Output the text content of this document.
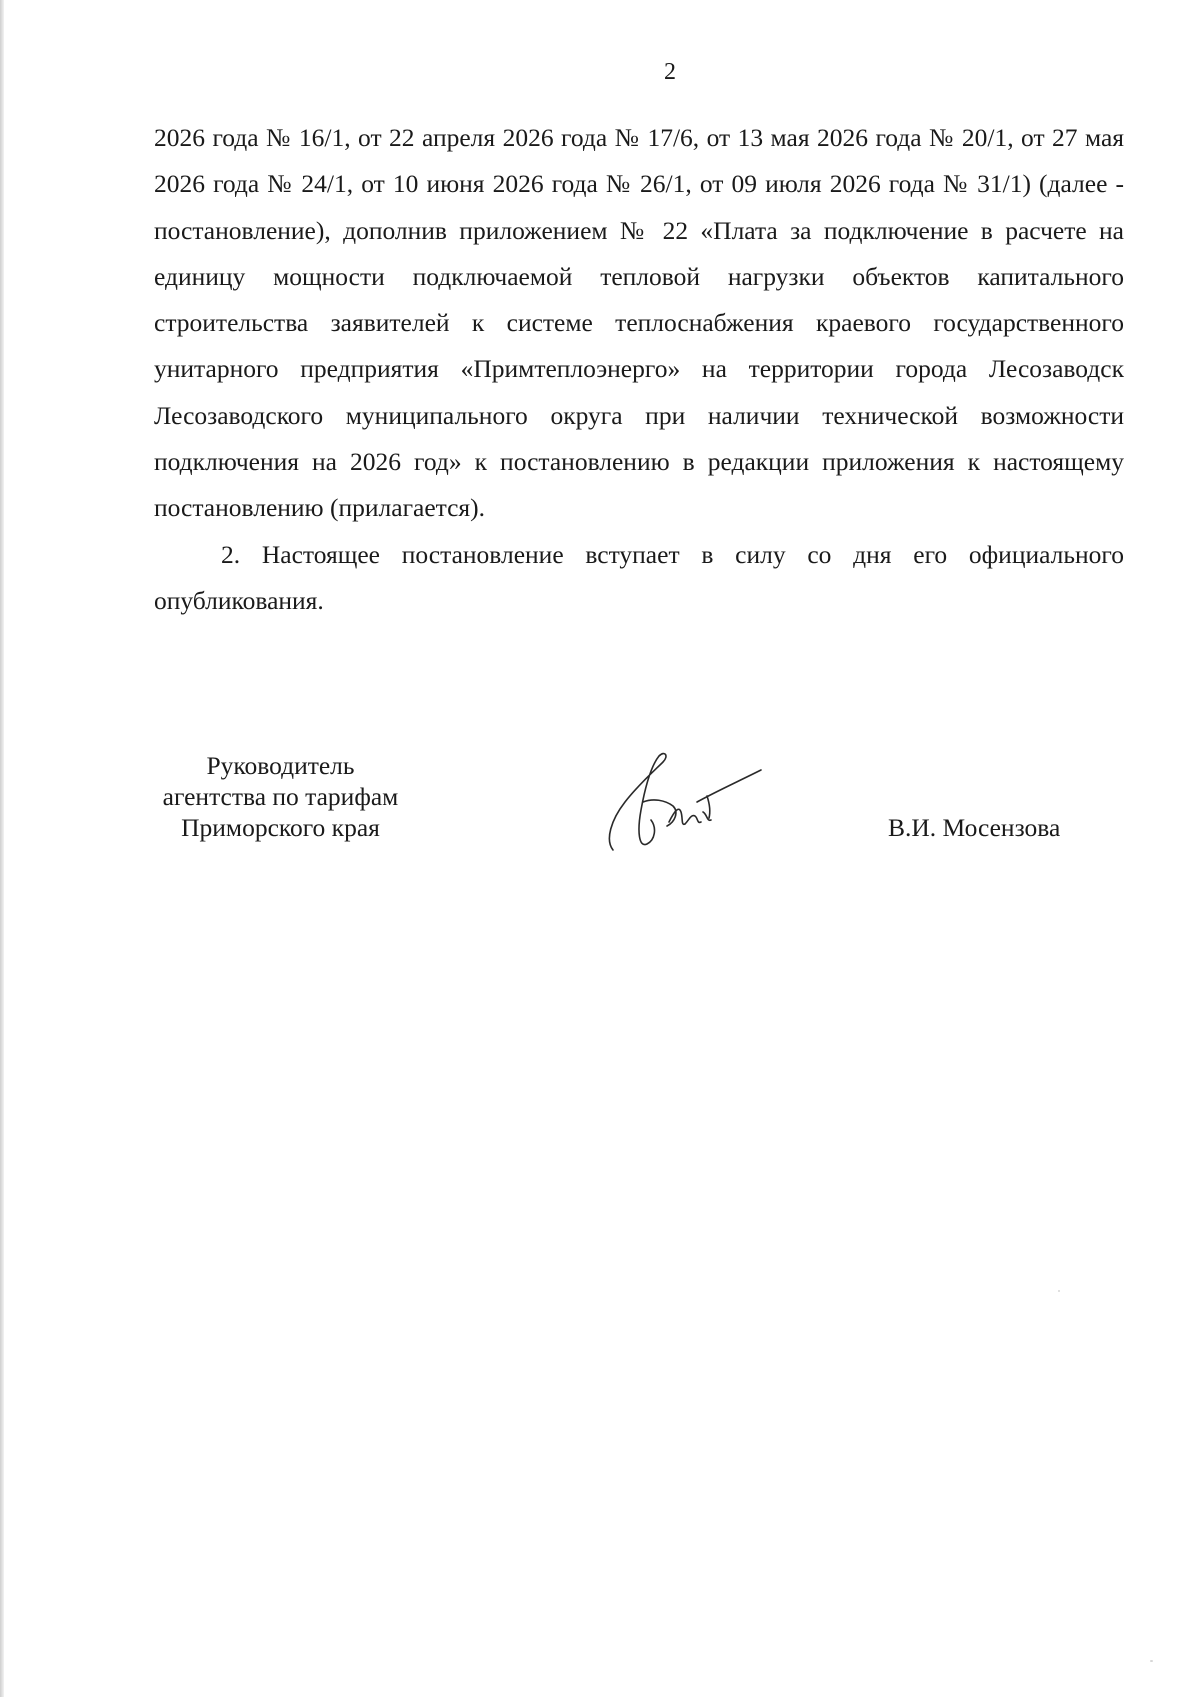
2

2026 года № 16/1, от 22 апреля 2026 года № 17/6, от 13 мая 2026 года № 20/1, от 27 мая 2026 года № 24/1, от 10 июня 2026 года № 26/1, от 09 июля 2026 года № 31/1) (далее - постановление), дополнив приложением № 22 «Плата за подключение в расчете на единицу мощности подключаемой тепловой нагрузки объектов капитального строительства заявителей к системе теплоснабжения краевого государственного унитарного предприятия «Примтеплоэнерго» на территории города Лесозаводск Лесозаводского муниципального округа при наличии технической возможности подключения на 2026 год» к постановлению в редакции приложения к настоящему постановлению (прилагается).

2. Настоящее постановление вступает в силу со дня его официального опубликования.

Руководитель
агентства по тарифам
Приморского края	В.И. Мосензова
